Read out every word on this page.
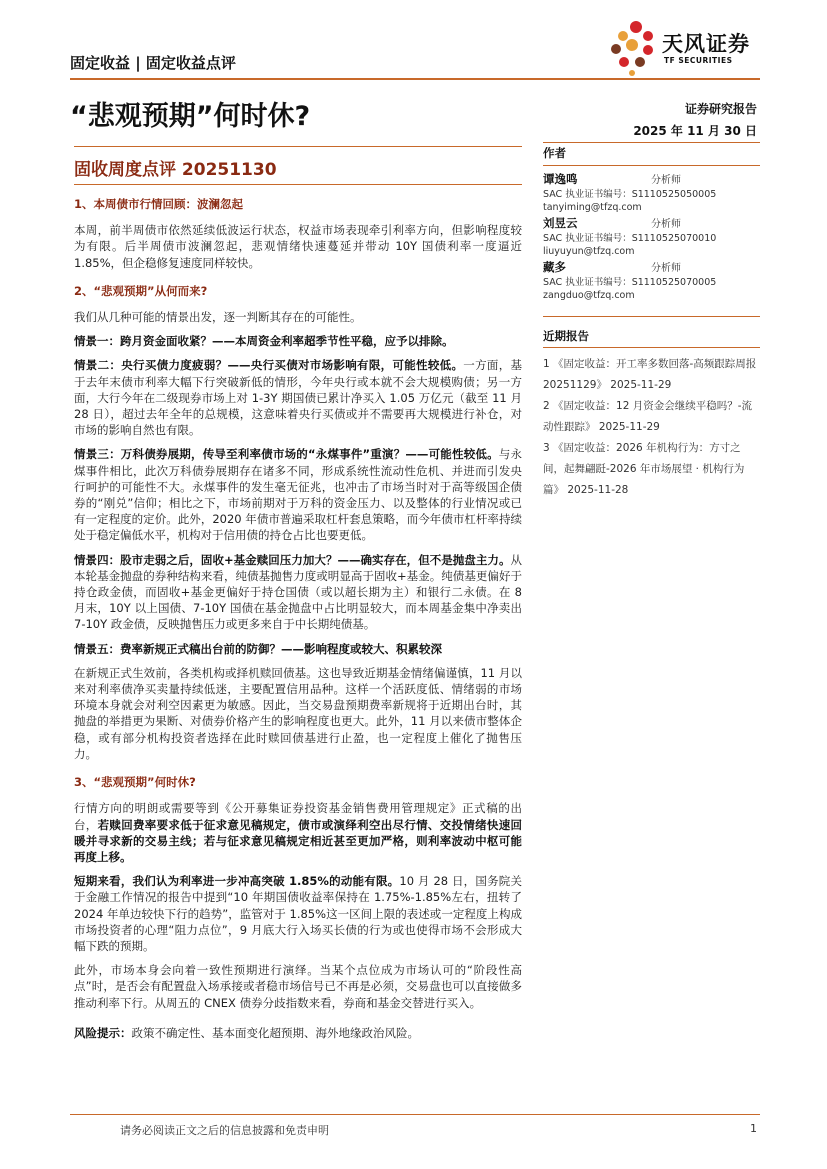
固定收益 | 固定收益点评
天风证券
TF SECURITIES
“悲观预期”何时休?	证券研究报告
2025 年 11 月 30 日
固收周度点评 20251130
1、本周债市行情回顾：波澜忽起

本周，前半周债市依然延续低波运行状态，权益市场表现牵引利率方向，但影响程度较为有限。后半周债市波澜忽起，悲观情绪快速蔓延并带动 10Y 国债利率一度逼近 1.85%，但企稳修复速度同样较快。

2、“悲观预期”从何而来?

我们从几种可能的情景出发，逐一判断其存在的可能性。

情景一：跨月资金面收紧？——本周资金利率超季节性平稳，应予以排除。

情景二：央行买债力度疲弱？——央行买债对市场影响有限，可能性较低。一方面，基于去年末债市利率大幅下行突破新低的情形，今年央行或本就不会大规模购债；另一方面，大行今年在二级现券市场上对 1-3Y 期国债已累计净买入 1.05 万亿元（截至 11 月 28 日），超过去年全年的总规模，这意味着央行买债或并不需要再大规模进行补仓，对市场的影响自然也有限。

情景三：万科债券展期，传导至利率债市场的“永煤事件”重演？——可能性较低。与永煤事件相比，此次万科债券展期存在诸多不同，形成系统性流动性危机、并进而引发央行呵护的可能性不大。永煤事件的发生毫无征兆，也冲击了市场当时对于高等级国企债券的“刚兑”信仰；相比之下，市场前期对于万科的资金压力、以及整体的行业情况或已有一定程度的定价。此外，2020 年债市普遍采取杠杆套息策略，而今年债市杠杆率持续处于稳定偏低水平，机构对于信用债的持仓占比也要更低。

情景四：股市走弱之后，固收+基金赎回压力加大？——确实存在，但不是抛盘主力。从本轮基金抛盘的券种结构来看，纯债基抛售力度或明显高于固收+基金。纯债基更偏好于持仓政金债，而固收+基金更偏好于持仓国债（或以超长期为主）和银行二永债。在 8 月末，10Y 以上国债、7-10Y 国债在基金抛盘中占比明显较大，而本周基金集中净卖出 7-10Y 政金债，反映抛售压力或更多来自于中长期纯债基。

情景五：费率新规正式稿出台前的防御？——影响程度或较大、积累较深

在新规正式生效前，各类机构或择机赎回债基。这也导致近期基金情绪偏谨慎，11 月以来对利率债净买卖量持续低迷，主要配置信用品种。这样一个活跃度低、情绪弱的市场环境本身就会对利空因素更为敏感。因此，当交易盘预期费率新规将于近期出台时，其抛盘的举措更为果断、对债券价格产生的影响程度也更大。此外，11 月以来债市整体企稳，或有部分机构投资者选择在此时赎回债基进行止盈，也一定程度上催化了抛售压力。

3、“悲观预期”何时休?

行情方向的明朗或需要等到《公开募集证券投资基金销售费用管理规定》正式稿的出台，若赎回费率要求低于征求意见稿规定，债市或演绎利空出尽行情、交投情绪快速回暖并寻求新的交易主线；若与征求意见稿规定相近甚至更加严格，则利率波动中枢可能再度上移。

短期来看，我们认为利率进一步冲高突破 1.85%的动能有限。10 月 28 日，国务院关于金融工作情况的报告中提到“10 年期国债收益率保持在 1.75%-1.85%左右，扭转了 2024 年单边较快下行的趋势”，监管对于 1.85%这一区间上限的表述或一定程度上构成市场投资者的心理“阻力点位”，9 月底大行入场买长债的行为或也使得市场不会形成大幅下跌的预期。

此外，市场本身会向着一致性预期进行演绎。当某个点位成为市场认可的“阶段性高点”时，是否会有配置盘入场承接或者稳市场信号已不再是必须，交易盘也可以直接做多推动利率下行。从周五的 CNEX 债券分歧指数来看，券商和基金交替进行买入。

风险提示：政策不确定性、基本面变化超预期、海外地缘政治风险。

作者
谭逸鸣	分析师
SAC 执业证书编号：S1110525050005
tanyiming@tfzq.com
刘昱云	分析师
SAC 执业证书编号：S1110525070010
liuyuyun@tfzq.com
藏多	分析师
SAC 执业证书编号：S1110525070005
zangduo@tfzq.com
近期报告
1 《固定收益：开工率多数回落-高频跟踪周报 20251129》 2025-11-29
2 《固定收益：12 月资金会继续平稳吗？-流动性跟踪》 2025-11-29
3 《固定收益：2026 年机构行为：方寸之间，起舞翩跹-2026 年市场展望 · 机构行为篇》 2025-11-28
请务必阅读正文之后的信息披露和免责申明	1
